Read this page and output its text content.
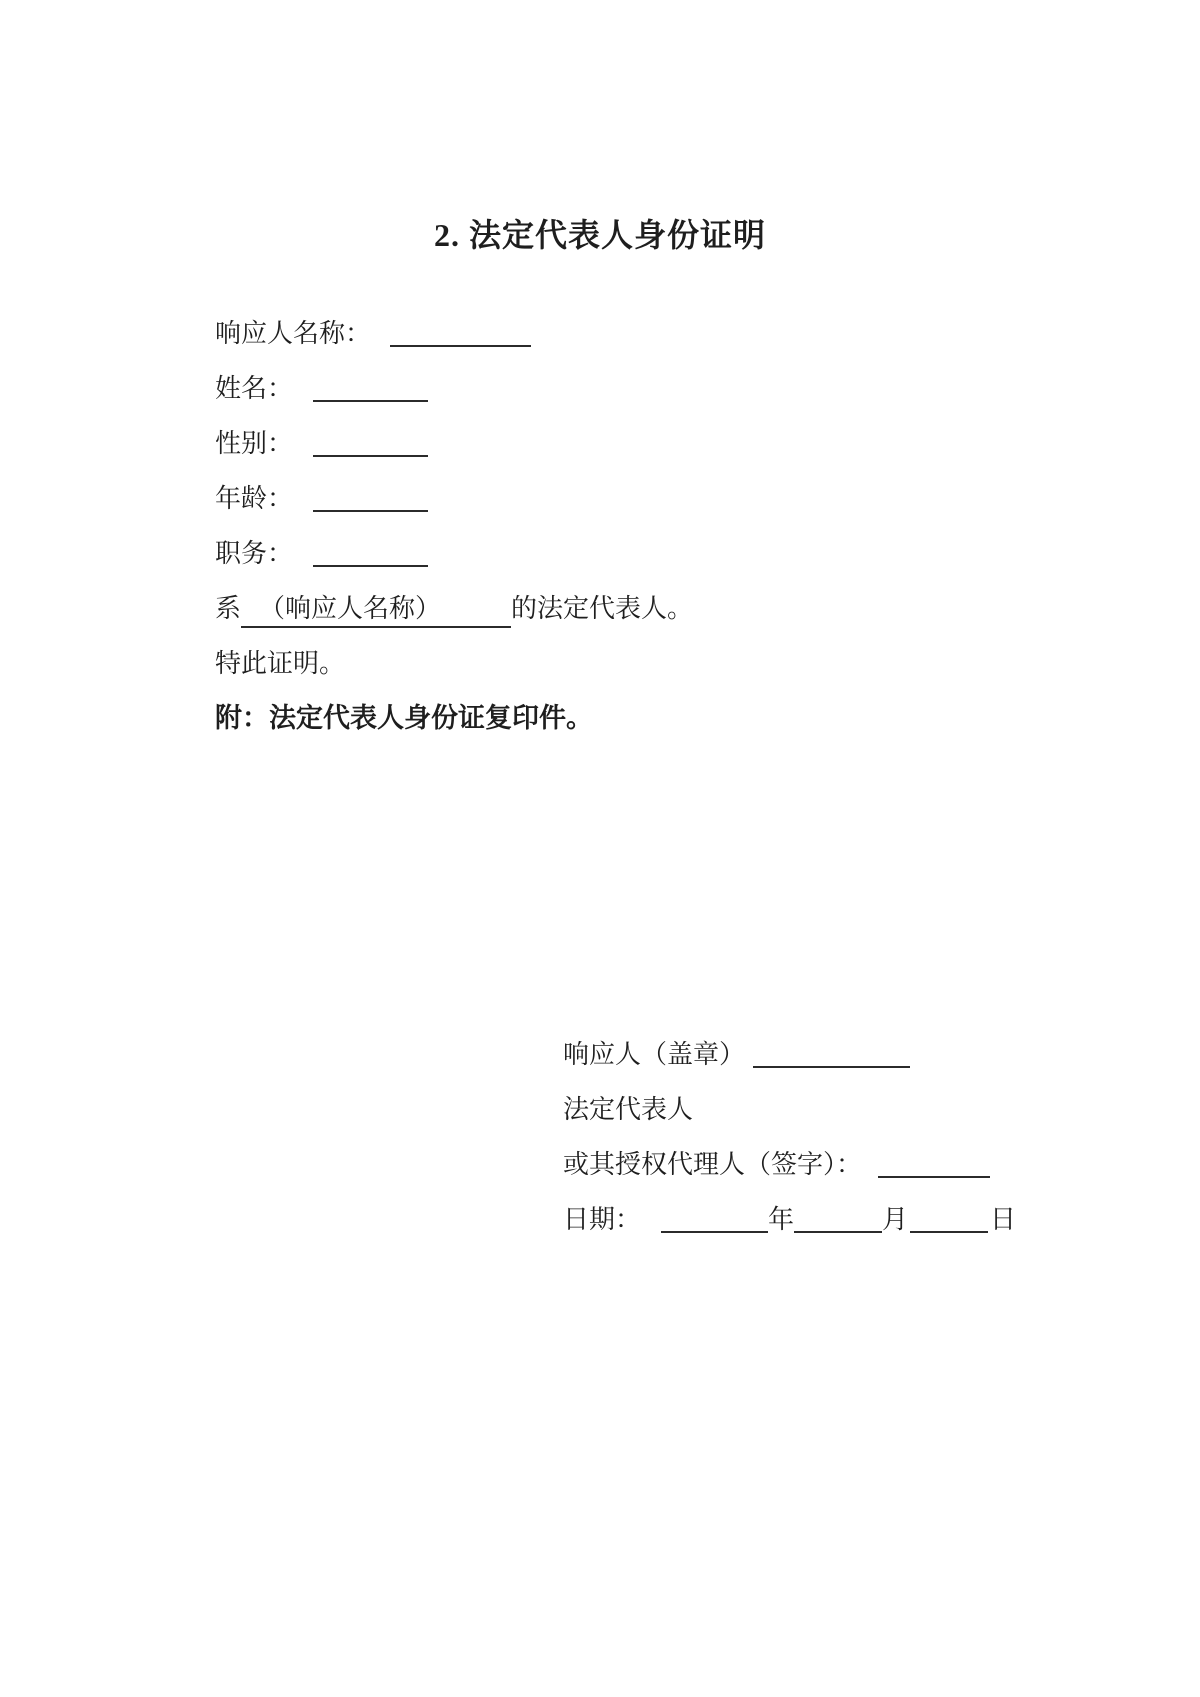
2. 法定代表人身份证明
响应人名称：
姓名：
性别：
年龄：
职务：
系 （响应人名称）	的法定代表人。
特此证明。
附：法定代表人身份证复印件。
响应人（盖章）
法定代表人
或其授权代理人（签字）：
日期：	年	月	日
